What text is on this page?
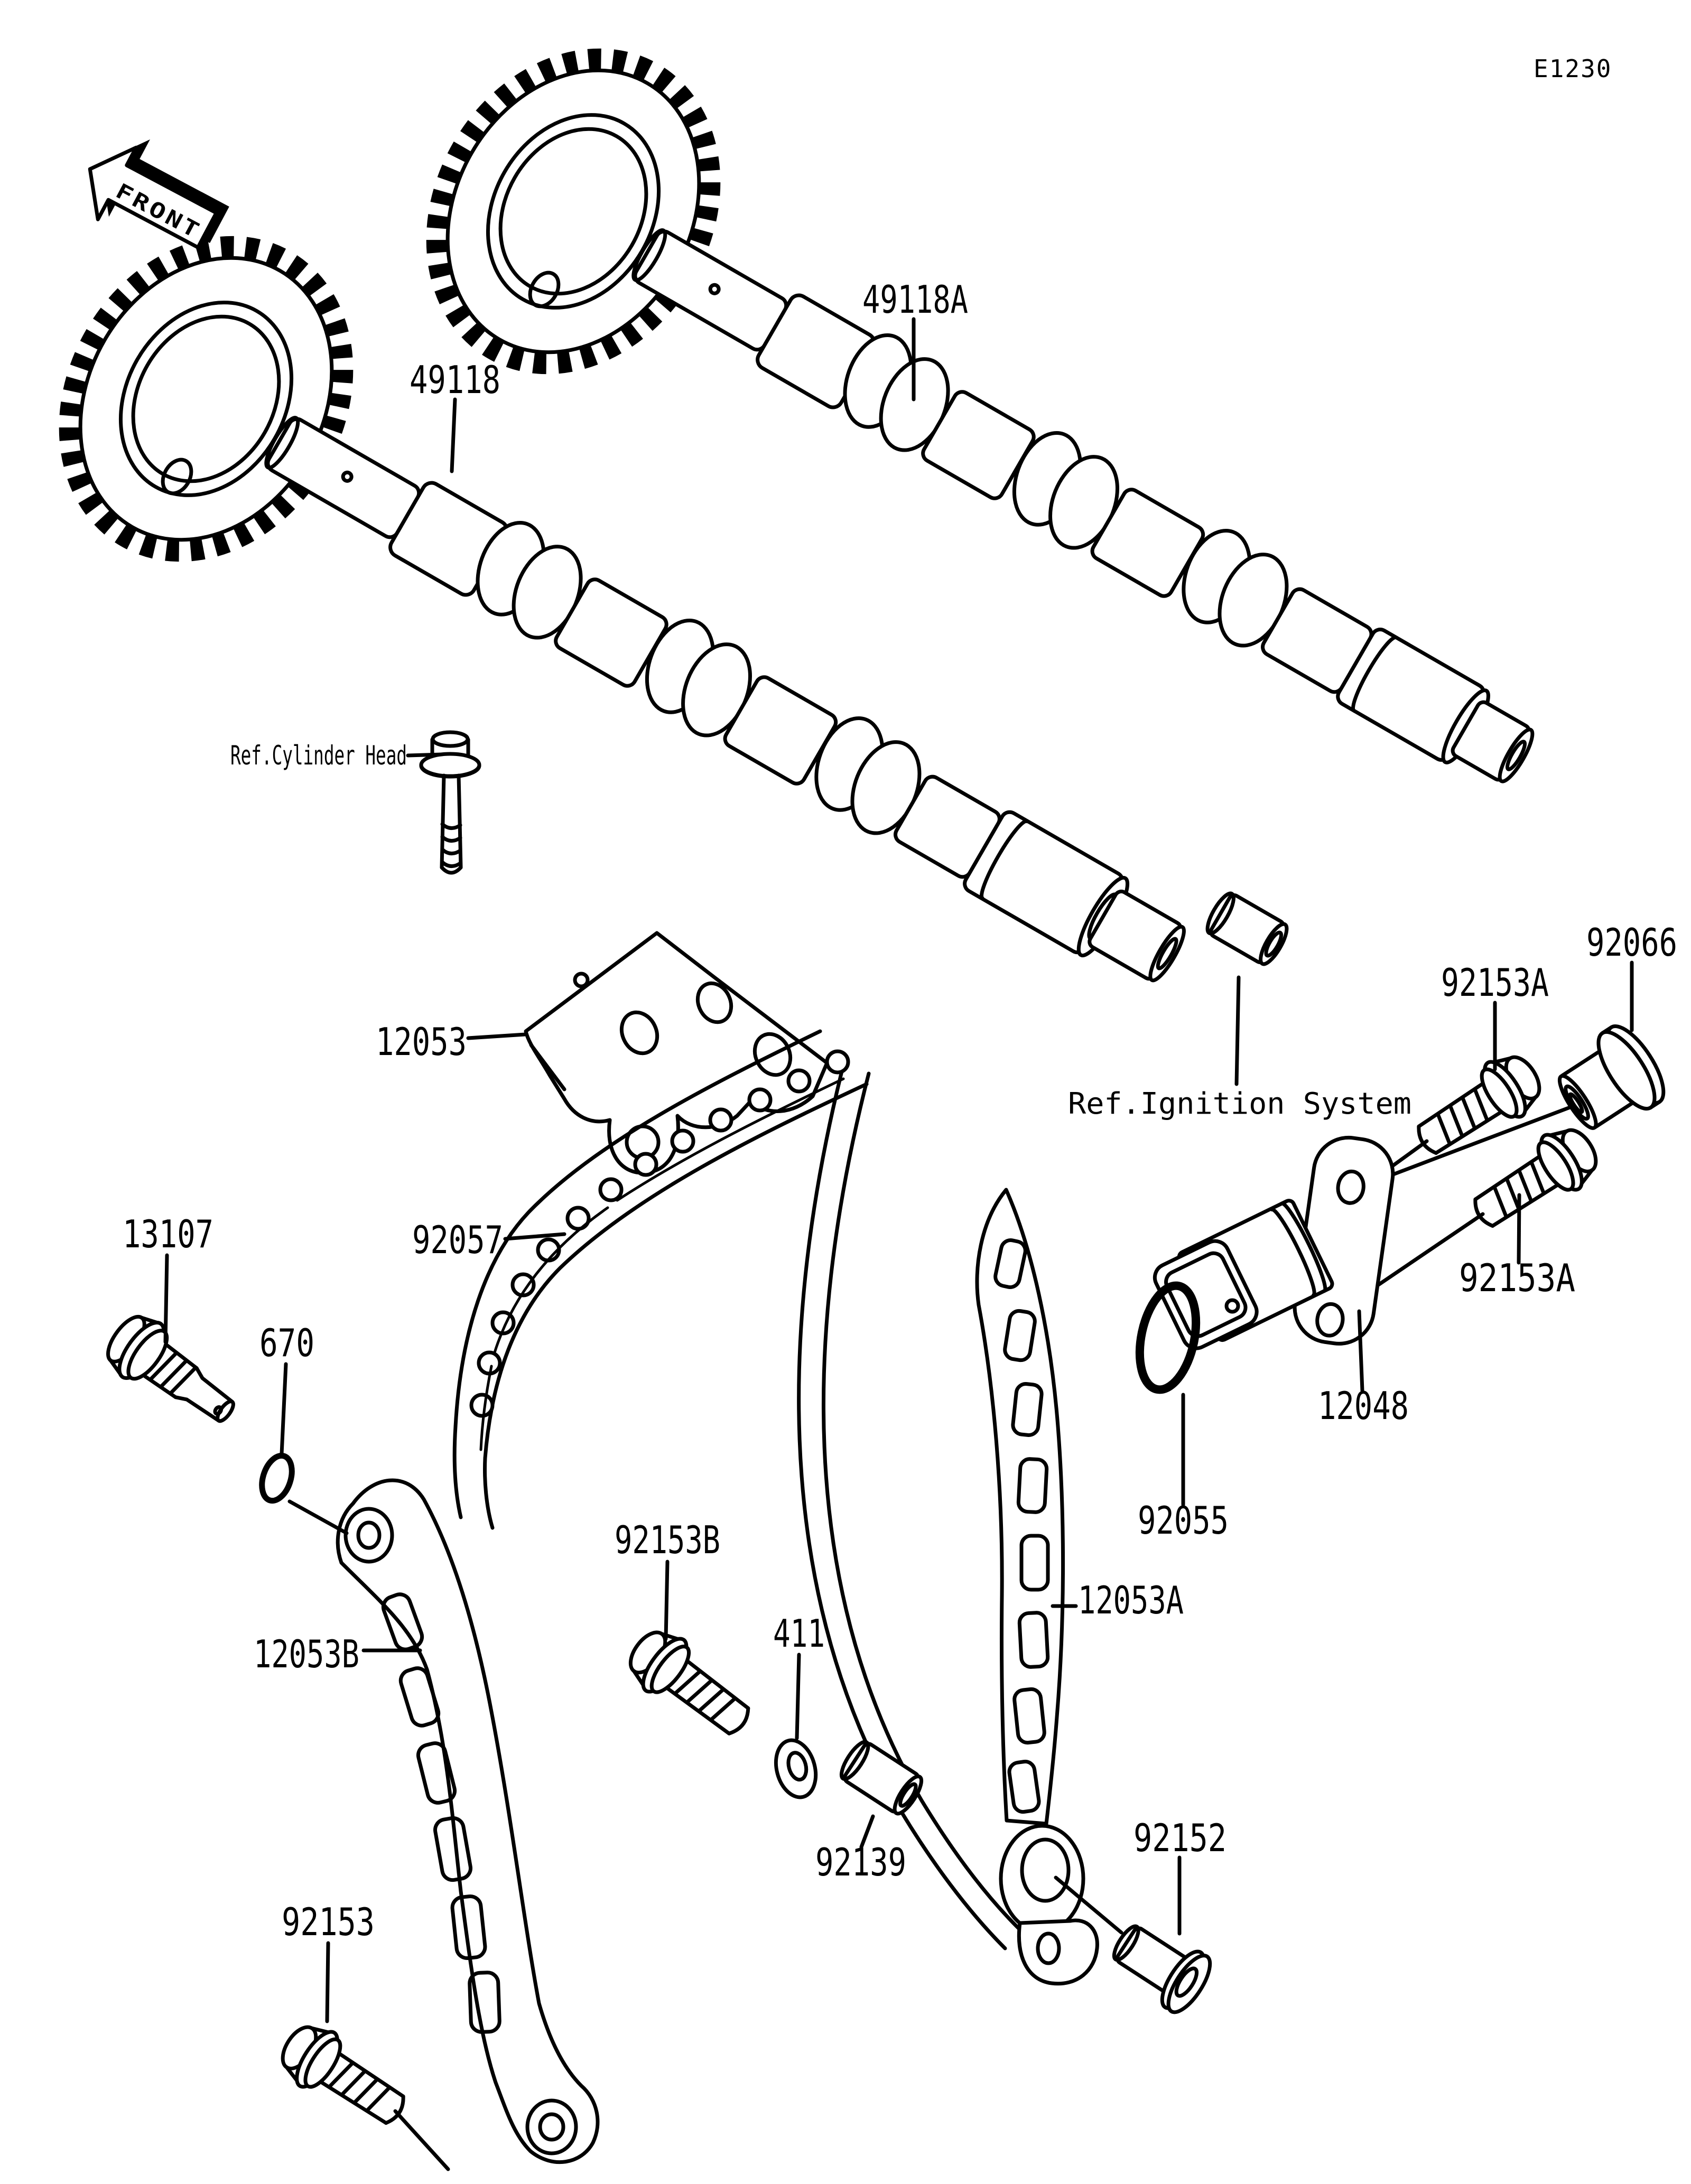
FRONT
E1230
49118A
49118
Ref.Cylinder Head
12053
92057
13107
670
92153B
411
12053B
92153
92139
12053A
92152
92055
12048
92153A
92066
92153A
Ref.Ignition System
